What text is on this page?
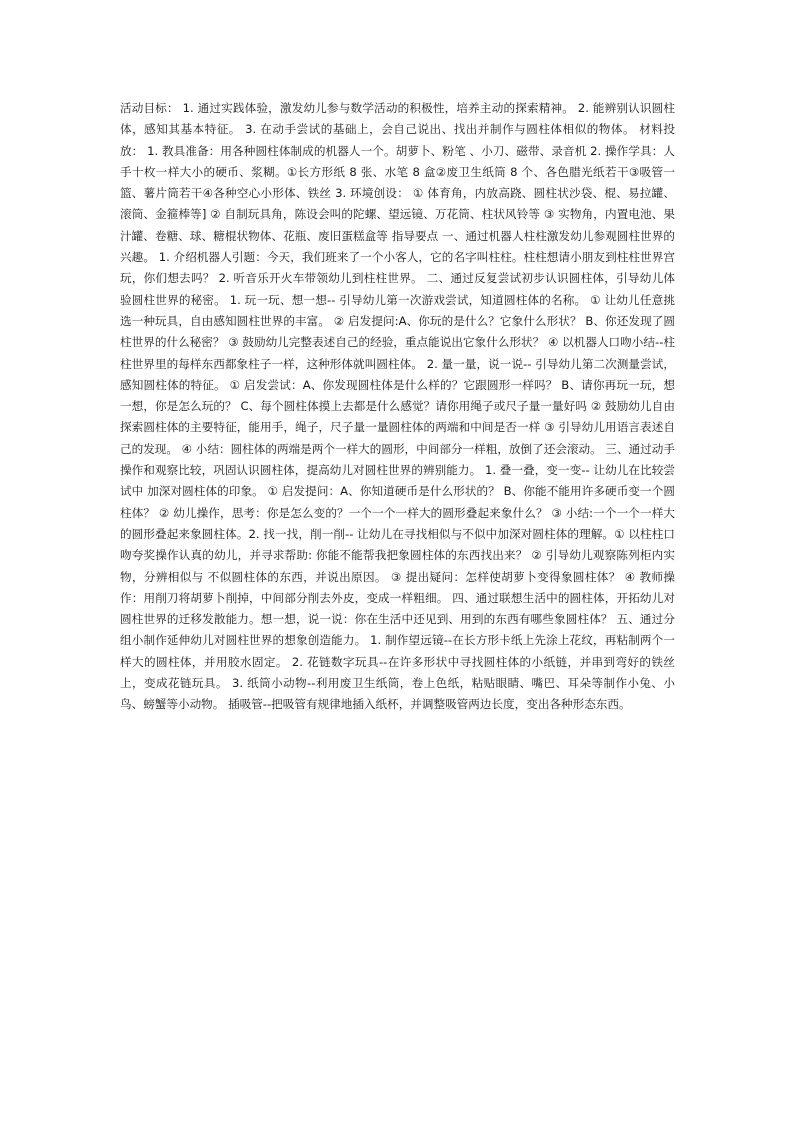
活动目标： 1. 通过实践体验，激发幼儿参与数学活动的积极性，培养主动的探索精神。 2. 能辨别认识圆柱体，感知其基本特征。 3. 在动手尝试的基础上，会自己说出、找出并制作与圆柱体相似的物体。 材料投放： 1. 教具准备：用各种圆柱体制成的机器人一个。胡萝卜、粉笔 、小刀、磁带、录音机 2. 操作学具：人手十枚一样大小的硬币、浆糊。①长方形纸 8 张、水笔 8 盒②废卫生纸筒 8 个、各色腊光纸若干③吸管一篮、薯片筒若干④各种空心小形体、铁丝 3. 环境创设： ① 体育角，内放高跷、圆柱状沙袋、棍、易拉罐、滚筒、金箍棒等] ② 自制玩具角，陈设会叫的陀螺、望远镜、万花筒、柱状风铃等 ③ 实物角，内置电池、果汁罐、卷糖、球、糖棍状物体、花瓶、废旧蛋糕盒等 指导要点 一、通过机器人柱柱激发幼儿参观圆柱世界的兴趣。 1. 介绍机器人引题：今天，我们班来了一个小客人，它的名字叫柱柱。柱柱想请小朋友到柱柱世界宫玩，你们想去吗？ 2. 听音乐开火车带领幼儿到柱柱世界。 二、通过反复尝试初步认识圆柱体，引导幼儿体验圆柱世界的秘密。 1. 玩一玩、想一想-- 引导幼儿第一次游戏尝试，知道圆柱体的名称。 ① 让幼儿任意挑选一种玩具，自由感知圆柱世界的丰富。 ② 启发提问:A、你玩的是什么？它象什么形状？ B、你还发现了圆柱世界的什么秘密？ ③ 鼓励幼儿完整表述自己的经验，重点能说出它象什么形状？ ④ 以机器人口吻小结--柱柱世界里的每样东西都象柱子一样，这种形体就叫圆柱体。 2. 量一量，说一说-- 引导幼儿第二次测量尝试，感知圆柱体的特征。 ① 启发尝试：A、你发现圆柱体是什么样的？它跟圆形一样吗？ B、请你再玩一玩，想一想，你是怎么玩的？ C、每个圆柱体摸上去都是什么感觉？请你用绳子或尺子量一量好吗 ② 鼓励幼儿自由探索圆柱体的主要特征，能用手，绳子，尺子量一量圆柱体的两端和中间是否一样 ③ 引导幼儿用语言表述自己的发现。 ④ 小结：圆柱体的两端是两个一样大的圆形，中间部分一样粗，放倒了还会滚动。 三、通过动手操作和观察比较，巩固认识圆柱体，提高幼儿对圆柱世界的辨别能力。 1. 叠一叠，变一变-- 让幼儿在比较尝试中 加深对圆柱体的印象。 ① 启发提问：A、你知道硬币是什么形状的？ B、你能不能用许多硬币变一个圆柱体？ ② 幼儿操作，思考：你是怎么变的？一个一个一样大的圆形叠起来象什么？ ③ 小结:一个一个一样大的圆形叠起来象圆柱体。2. 找一找，削一削-- 让幼儿在寻找相似与不似中加深对圆柱体的理解。① 以柱柱口吻夸奖操作认真的幼儿，并寻求帮助: 你能不能帮我把象圆柱体的东西找出来？ ② 引导幼儿观察陈列柜内实物，分辨相似与 不似圆柱体的东西，并说出原因。 ③ 提出疑问：怎样使胡萝卜变得象圆柱体？ ④ 教师操作：用削刀将胡萝卜削掉，中间部分削去外皮，变成一样粗细。 四、通过联想生活中的圆柱体，开拓幼儿对圆柱世界的迁移发散能力。想一想，说一说：你在生活中还见到、用到的东西有哪些象圆柱体？ 五、通过分组小制作延伸幼儿对圆柱世界的想象创造能力。 1. 制作望远镜--在长方形卡纸上先涂上花纹，再粘制两个一样大的圆柱体，并用胶水固定。 2. 花链数字玩具--在许多形状中寻找圆柱体的小纸链，并串到弯好的铁丝上，变成花链玩具。 3. 纸筒小动物--利用废卫生纸筒，卷上色纸，粘贴眼睛、嘴巴、耳朵等制作小兔、小鸟、螃蟹等小动物。 插吸管--把吸管有规律地插入纸杯，并调整吸管两边长度，变出各种形态东西。
